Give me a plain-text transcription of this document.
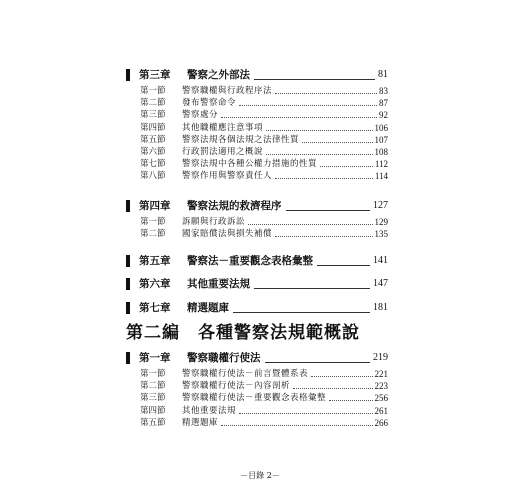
第三章	警察之外部法	81
第一節	警察職權與行政程序法	83
第二節	發布警察命令	87
第三節	警察處分	92
第四節	其他職權應注意事項	106
第五節	警察法規各個法規之法律性質	107
第六節	行政罰法適用之概說	108
第七節	警察法規中各種公權力措施的性質	112
第八節	警察作用與警察責任人	114
第四章	警察法規的救濟程序	127
第一節	訴願與行政訴訟	129
第二節	國家賠償法與損失補償	135
第五章	警察法－重要觀念表格彙整	141
第六章	其他重要法規	147
第七章	精選題庫	181
第二編 各種警察法規範概說
第一章	警察職權行使法	219
第一節	警察職權行使法－前言暨體系表	221
第二節	警察職權行使法－內容剖析	223
第三節	警察職權行使法－重要觀念表格彙整	256
第四節	其他重要法規	261
第五節	精選題庫	266
－目錄 2－
